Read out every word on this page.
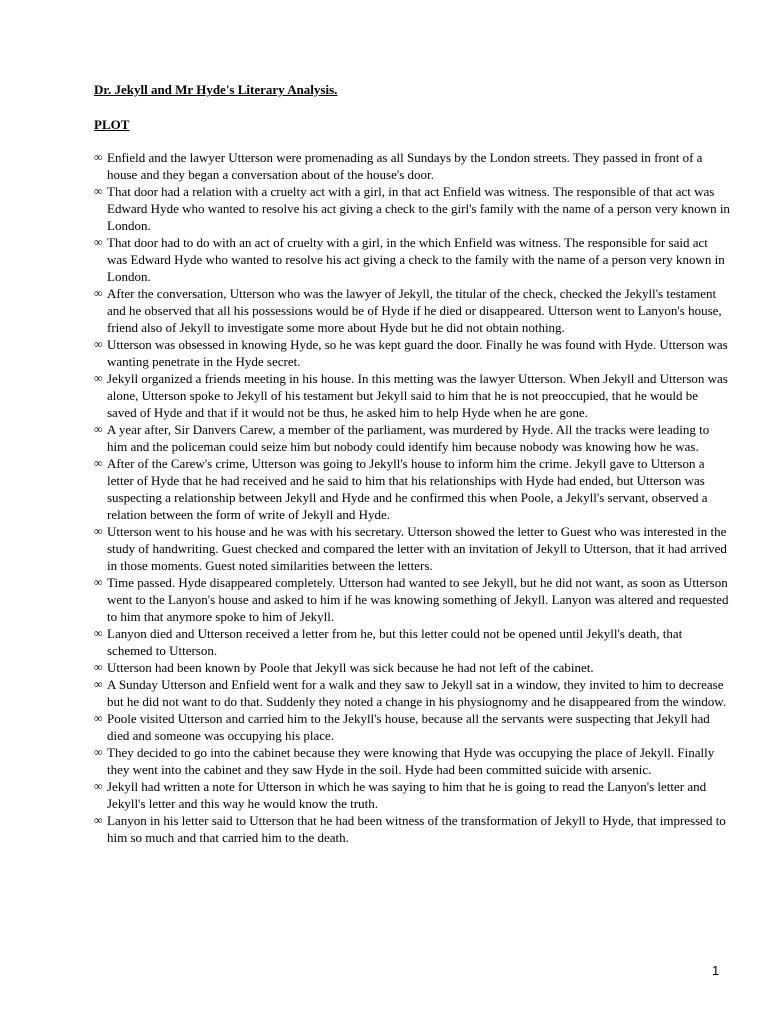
Dr. Jekyll and Mr Hyde's Literary Analysis.
PLOT
∞ Enfield and the lawyer Utterson were promenading as all Sundays by the London streets. They passed in front of a house and they began a conversation about of the house's door.
∞ That door had a relation with a cruelty act with a girl, in that act Enfield was witness. The responsible of that act was Edward Hyde who wanted to resolve his act giving a check to the girl's family with the name of a person very known in London.
∞ That door had to do with an act of cruelty with a girl, in the which Enfield was witness. The responsible for said act was Edward Hyde who wanted to resolve his act giving a check to the family with the name of a person very known in London.
∞ After the conversation, Utterson who was the lawyer of Jekyll, the titular of the check, checked the Jekyll's testament and he observed that all his possessions would be of Hyde if he died or disappeared. Utterson went to Lanyon's house, friend also of Jekyll to investigate some more about Hyde but he did not obtain nothing.
∞ Utterson was obsessed in knowing Hyde, so he was kept guard the door. Finally he was found with Hyde. Utterson was wanting penetrate in the Hyde secret.
∞ Jekyll organized a friends meeting in his house. In this metting was the lawyer Utterson. When Jekyll and Utterson was alone, Utterson spoke to Jekyll of his testament but Jekyll said to him that he is not preoccupied, that he would be saved of Hyde and that if it would not be thus, he asked him to help Hyde when he are gone.
∞ A year after, Sir Danvers Carew, a member of the parliament, was murdered by Hyde. All the tracks were leading to him and the policeman could seize him but nobody could identify him because nobody was knowing how he was.
∞ After of the Carew's crime, Utterson was going to Jekyll's house to inform him the crime. Jekyll gave to Utterson a letter of Hyde that he had received and he said to him that his relationships with Hyde had ended, but Utterson was suspecting a relationship between Jekyll and Hyde and he confirmed this when Poole, a Jekyll's servant, observed a relation between the form of write of Jekyll and Hyde.
∞ Utterson went to his house and he was with his secretary. Utterson showed the letter to Guest who was interested in the study of handwriting. Guest checked and compared the letter with an invitation of Jekyll to Utterson, that it had arrived in those moments. Guest noted similarities between the letters.
∞ Time passed. Hyde disappeared completely. Utterson had wanted to see Jekyll, but he did not want, as soon as Utterson went to the Lanyon's house and asked to him if he was knowing something of Jekyll. Lanyon was altered and requested to him that anymore spoke to him of Jekyll.
∞ Lanyon died and Utterson received a letter from he, but this letter could not be opened until Jekyll's death, that schemed to Utterson.
∞ Utterson had been known by Poole that Jekyll was sick because he had not left of the cabinet.
∞ A Sunday Utterson and Enfield went for a walk and they saw to Jekyll sat in a window, they invited to him to decrease but he did not want to do that. Suddenly they noted a change in his physiognomy and he disappeared from the window.
∞ Poole visited Utterson and carried him to the Jekyll's house, because all the servants were suspecting that Jekyll had died and someone was occupying his place.
∞ They decided to go into the cabinet because they were knowing that Hyde was occupying the place of Jekyll. Finally they went into the cabinet and they saw Hyde in the soil. Hyde had been committed suicide with arsenic.
∞ Jekyll had written a note for Utterson in which he was saying to him that he is going to read the Lanyon's letter and Jekyll's letter and this way he would know the truth.
∞ Lanyon in his letter said to Utterson that he had been witness of the transformation of Jekyll to Hyde, that impressed to him so much and that carried him to the death.
1
